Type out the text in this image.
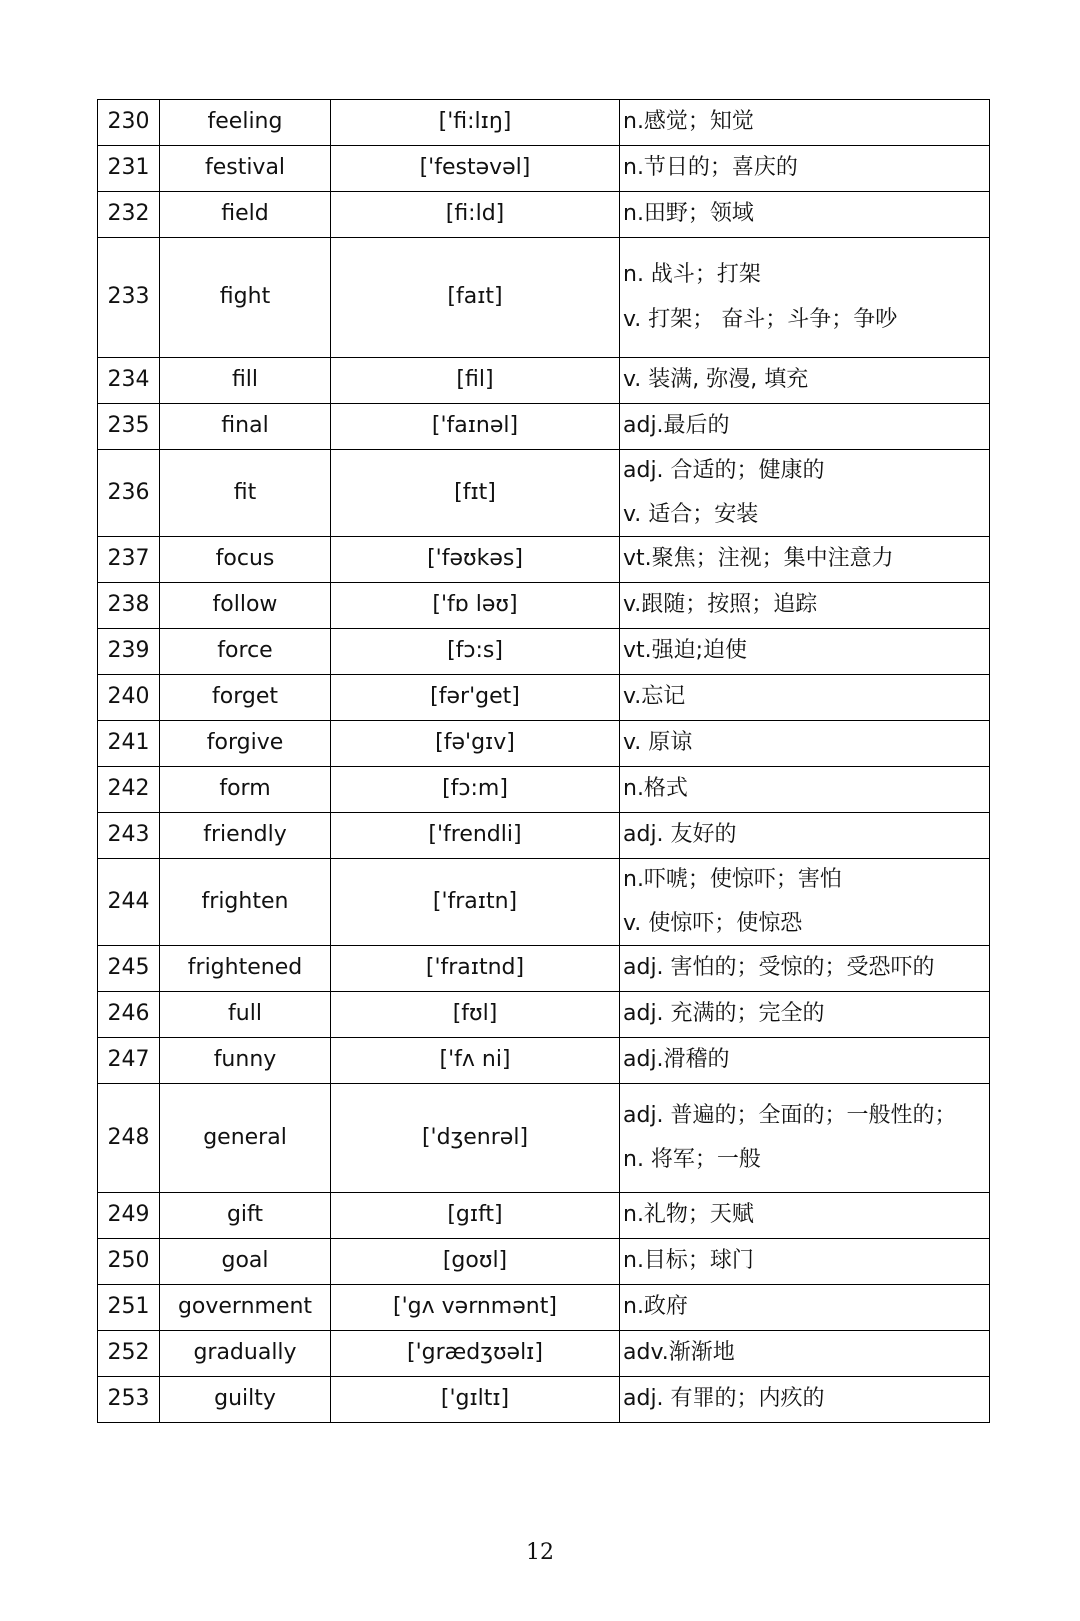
230	feeling	['fi:lɪŋ]	n.感觉；知觉

231	festival	['festəvəl]	n.节日的；喜庆的

232	field	[fi:ld]	n.田野；领域

233	fight	[faɪt]	n. 战斗；打架
v. 打架； 奋斗；斗争；争吵

234	fill	[fil]	v. 装满, 弥漫, 填充

235	final	['faɪnəl]	adj.最后的

236	fit	[fɪt]	adj. 合适的；健康的
v. 适合；安装

237	focus	['fəʊkəs]	vt.聚焦；注视；集中注意力

238	follow	['fɒ ləʊ]	v.跟随；按照；追踪

239	force	[fɔ:s]	vt.强迫;迫使

240	forget	[fər'get]	v.忘记

241	forgive	[fə'gɪv]	v. 原谅

242	form	[fɔ:m]	n.格式

243	friendly	['frendli]	adj. 友好的

244	frighten	['fraɪtn]	n.吓唬；使惊吓；害怕
v. 使惊吓；使惊恐

245	frightened	['fraɪtnd]	adj. 害怕的；受惊的；受恐吓的

246	full	[fʊl]	adj. 充满的；完全的

247	funny	['fʌ ni]	adj.滑稽的

248	general	['dʒenrəl]	adj. 普遍的；全面的；一般性的；
n. 将军；一般

249	gift	[gɪft]	n.礼物；天赋

250	goal	[goʊl]	n.目标；球门

251	government	['gʌ vərnmənt]	n.政府

252	gradually	['grædʒʊəlɪ]	adv.渐渐地

253	guilty	['gɪltɪ]	adj. 有罪的；内疚的
12
